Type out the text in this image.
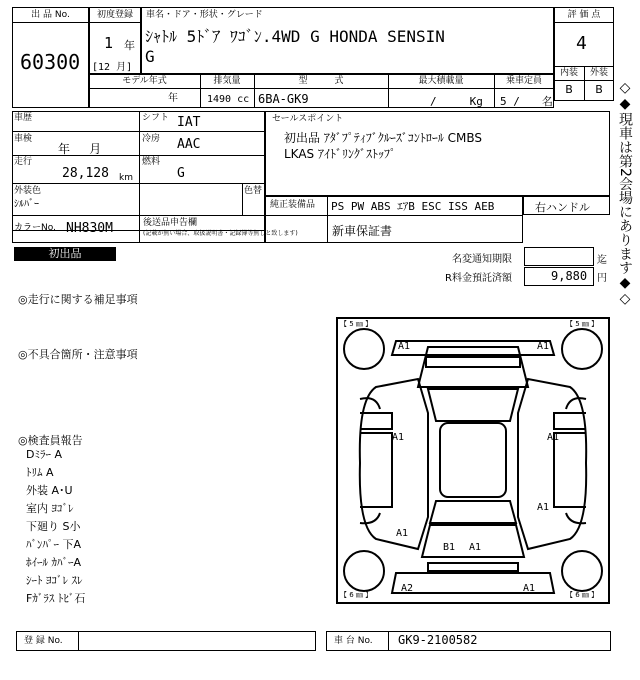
出 品 No.
60300
初度登録
1 年
[12 月]
車名・ドア・形状・グレード
ｼｬﾄﾙ 5ﾄﾞｱ ﾜｺﾞﾝ.4WD G HONDA SENSIN
G
評 価 点
4
内装	外装
B	B
モデル年式	排気量	型　　　式	最大積載量	乗車定員
年	1490 cc 6BA-GK9	/　　　Kg 5 /　　名
車歴
車検
年　 月
走行
28,128 km
シフト IAT
冷房 AAC
燃料
G
外装色
ｼﾙﾊﾞｰ
色替
カラーNo. NH830M	後送品申告欄
(記載が無い場合、取扱説明書・記録簿等無しと致します)
セールスポイント
初出品 ｱﾀﾞﾌﾟﾃｨﾌﾞｸﾙｰｽﾞｺﾝﾄﾛｰﾙ CMBS
LKAS ｱｲﾄﾞﾘﾝｸﾞｽﾄｯﾌﾟ
純正装備品 PS PW ABS ｴｱB ESC ISS AEB
新車保証書
右ハンドル
初出品	名変通知期限	迄
R料金預託済額	9,880 円
◎走行に関する補足事項
◎不具合箇所・注意事項
◎検査員報告
Dﾐﾗｰ A
ﾄﾘﾑ A
外装 A･U
室内 ﾖｺﾞﾚ
下廻り S小
ﾊﾞﾝﾊﾟｰ 下A
ﾎｲｰﾙ ｶﾊﾞｰA
ｼｰﾄ ﾖｺﾞﾚ ｽﾚ
Fｶﾞﾗｽ ﾄﾋﾞ石
【 5 ㎜ 】	【 5 ㎜ 】
【 6 ㎜ 】	【 6 ㎜ 】
A1	A1
A1	A1
A1
A1
B1 A1
A2	A1
◇◆現車は第2会場にあります◆◇
登 録 No.	車 台 No. GK9-2100582
